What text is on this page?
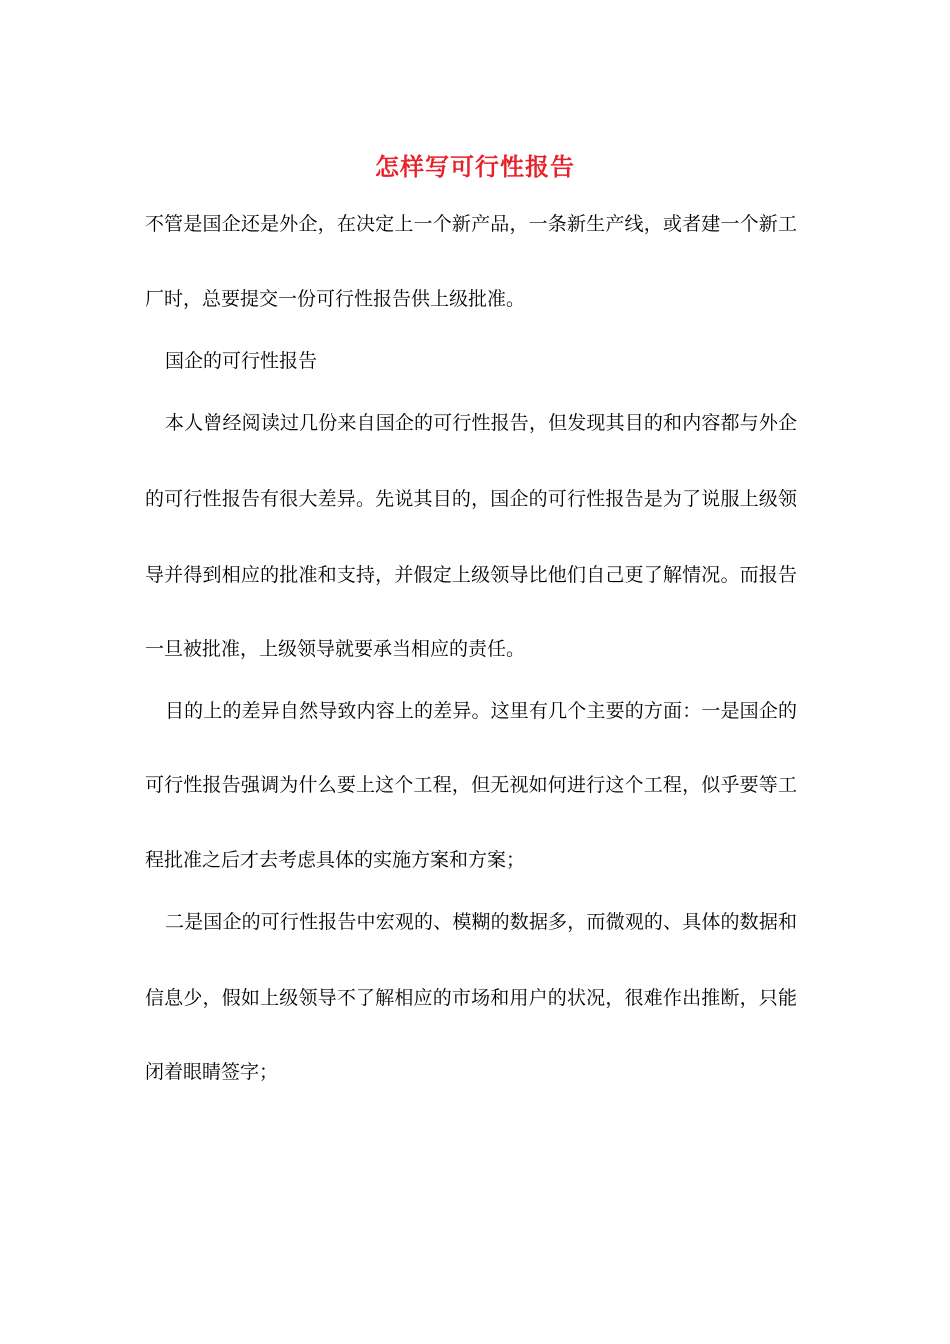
怎样写可行性报告
不管是国企还是外企，在决定上一个新产品，一条新生产线，或者建一个新工
厂时，总要提交一份可行性报告供上级批准。
国企的可行性报告
本人曾经阅读过几份来自国企的可行性报告，但发现其目的和内容都与外企
的可行性报告有很大差异。先说其目的，国企的可行性报告是为了说服上级领
导并得到相应的批准和支持，并假定上级领导比他们自己更了解情况。而报告
一旦被批准，上级领导就要承当相应的责任。
目的上的差异自然导致内容上的差异。这里有几个主要的方面：一是国企的
可行性报告强调为什么要上这个工程，但无视如何进行这个工程，似乎要等工
程批准之后才去考虑具体的实施方案和方案；
二是国企的可行性报告中宏观的、模糊的数据多，而微观的、具体的数据和
信息少，假如上级领导不了解相应的市场和用户的状况，很难作出推断，只能
闭着眼睛签字；
